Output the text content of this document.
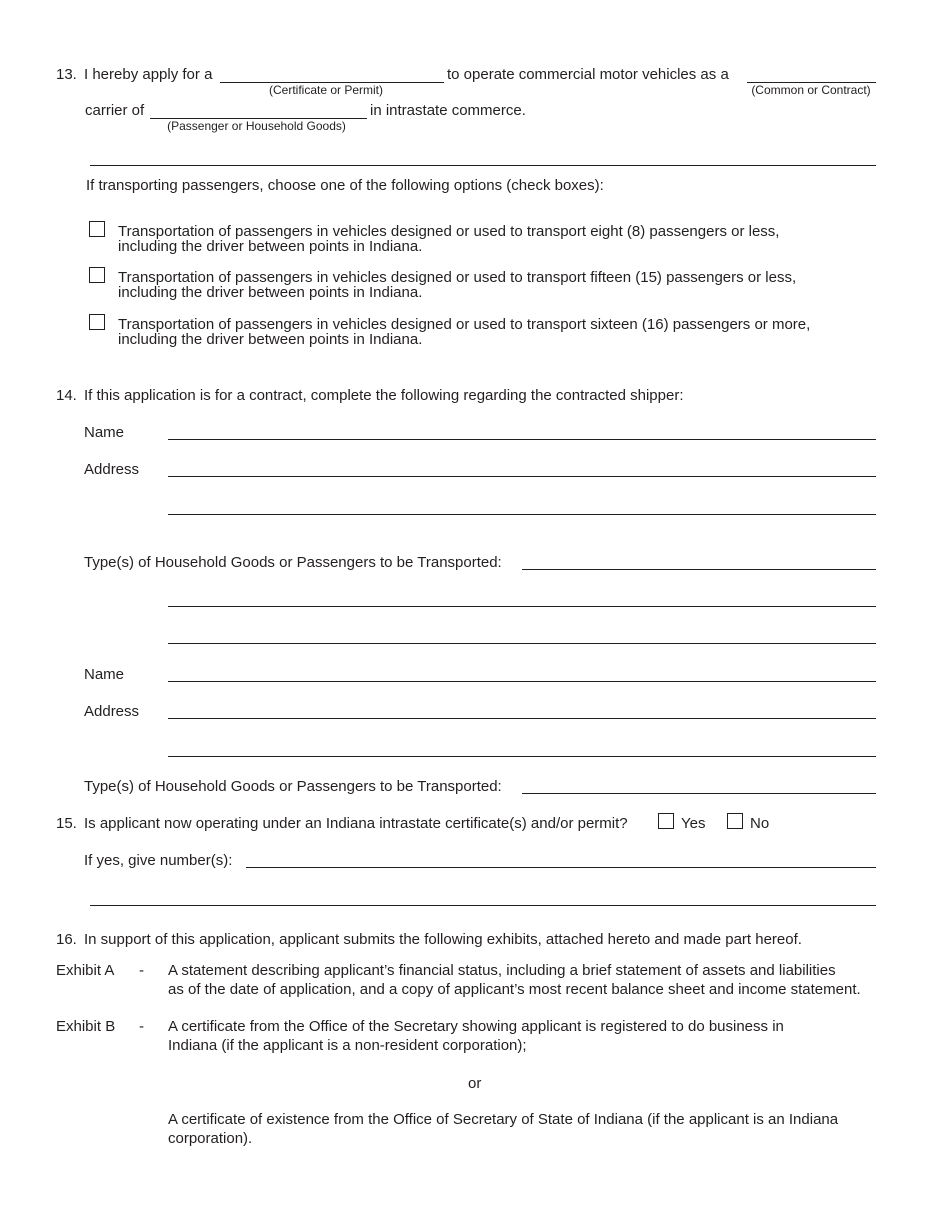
13. I hereby apply for a
(Certificate or Permit)
to operate commercial motor vehicles as a
(Common or Contract)
carrier of
(Passenger or Household Goods)
in intrastate commerce.
If transporting passengers, choose one of the following options (check boxes):
Transportation of passengers in vehicles designed or used to transport eight (8) passengers or less,
including the driver between points in Indiana.
Transportation of passengers in vehicles designed or used to transport fifteen (15) passengers or less,
including the driver between points in Indiana.
Transportation of passengers in vehicles designed or used to transport sixteen (16) passengers or more,
including the driver between points in Indiana.
14. If this application is for a contract, complete the following regarding the contracted shipper:
Name
Address
Type(s) of Household Goods or Passengers to be Transported:
Name
Address
Type(s) of Household Goods or Passengers to be Transported:
15. Is applicant now operating under an Indiana intrastate certificate(s) and/or permit?	Yes	No
If yes, give number(s):
16. In support of this application, applicant submits the following exhibits, attached hereto and made part hereof.
Exhibit A - A statement describing applicant’s financial status, including a brief statement of assets and liabilities
as of the date of application, and a copy of applicant’s most recent balance sheet and income statement.
Exhibit B - A certificate from the Office of the Secretary showing applicant is registered to do business in
Indiana (if the applicant is a non-resident corporation);
or
A certificate of existence from the Office of Secretary of State of Indiana (if the applicant is an Indiana
corporation).
